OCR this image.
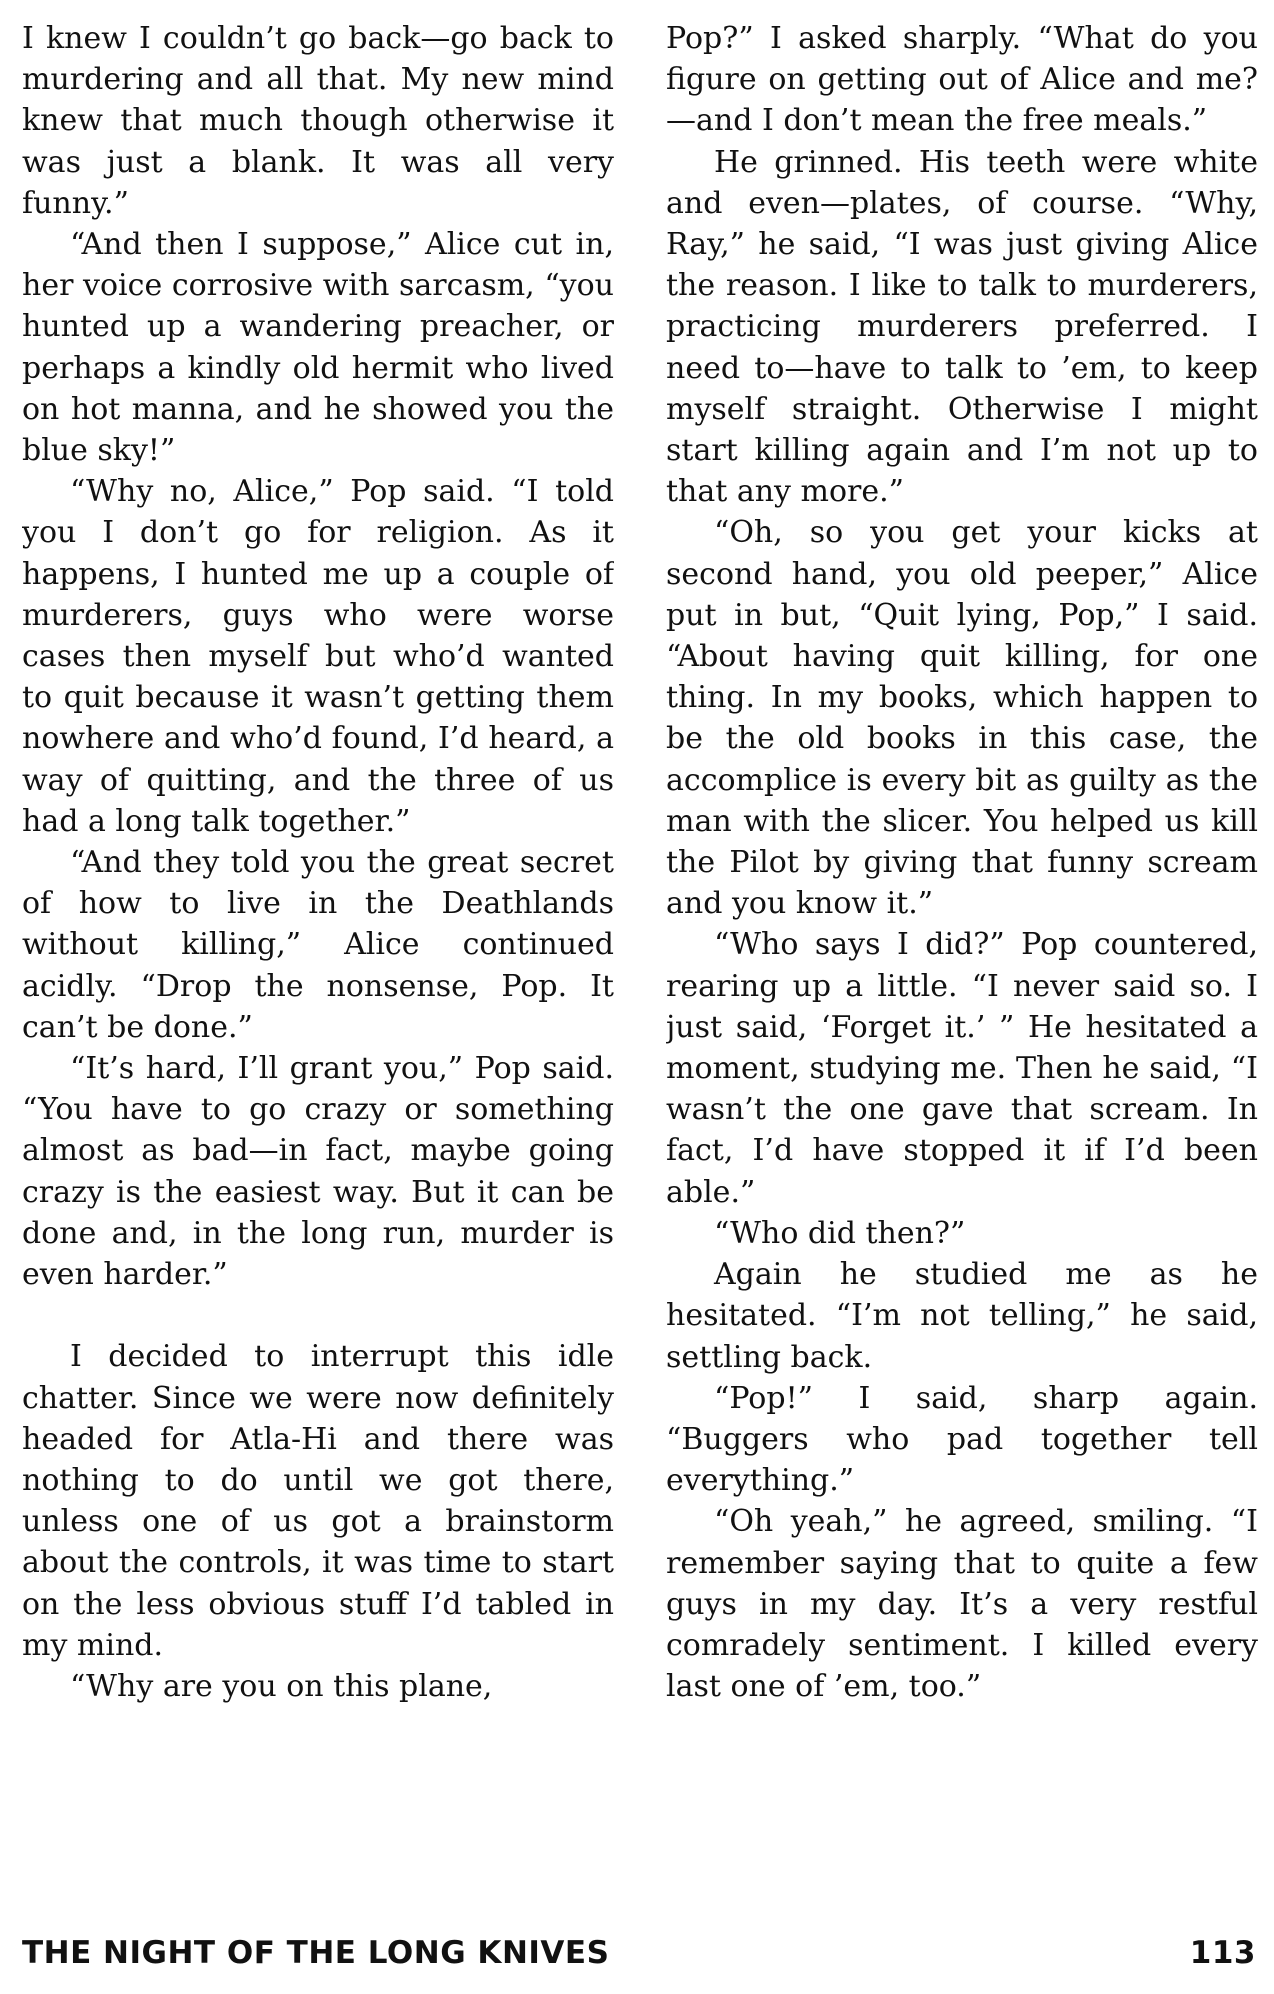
I knew I couldn’t go back—go back to murdering and all that. My new mind knew that much though otherwise it was just a blank. It was all very funny.”

“And then I suppose,” Alice cut in, her voice corrosive with sarcasm, “you hunted up a wandering preacher, or perhaps a kindly old hermit who lived on hot manna, and he showed you the blue sky!”

“Why no, Alice,” Pop said. “I told you I don’t go for religion. As it happens, I hunted me up a couple of murderers, guys who were worse cases then myself but who’d wanted to quit because it wasn’t getting them nowhere and who’d found, I’d heard, a way of quitting, and the three of us had a long talk together.”

“And they told you the great secret of how to live in the Deathlands without killing,” Alice continued acidly. “Drop the nonsense, Pop. It can’t be done.”

“It’s hard, I’ll grant you,” Pop said. “You have to go crazy or something almost as bad—in fact, maybe going crazy is the easiest way. But it can be done and, in the long run, murder is even harder.”

I decided to interrupt this idle chatter. Since we were now definitely headed for Atla-Hi and there was nothing to do until we got there, unless one of us got a brainstorm about the controls, it was time to start on the less obvious stuff I’d tabled in my mind.

“Why are you on this plane,

Pop?” I asked sharply. “What do you figure on getting out of Alice and me?—and I don’t mean the free meals.”

He grinned. His teeth were white and even—plates, of course. “Why, Ray,” he said, “I was just giving Alice the reason. I like to talk to murderers, practicing murderers preferred. I need to—have to talk to ’em, to keep myself straight. Otherwise I might start killing again and I’m not up to that any more.”

“Oh, so you get your kicks at second hand, you old peeper,” Alice put in but, “Quit lying, Pop,” I said. “About having quit killing, for one thing. In my books, which happen to be the old books in this case, the accomplice is every bit as guilty as the man with the slicer. You helped us kill the Pilot by giving that funny scream and you know it.”

“Who says I did?” Pop countered, rearing up a little. “I never said so. I just said, ‘Forget it.’ ” He hesitated a moment, studying me. Then he said, “I wasn’t the one gave that scream. In fact, I’d have stopped it if I’d been able.”

“Who did then?”

Again he studied me as he hesitated. “I’m not telling,” he said, settling back.

“Pop!” I said, sharp again. “Buggers who pad together tell everything.”

“Oh yeah,” he agreed, smiling. “I remember saying that to quite a few guys in my day. It’s a very restful comradely sentiment. I killed every last one of ’em, too.”

THE NIGHT OF THE LONG KNIVES	113
